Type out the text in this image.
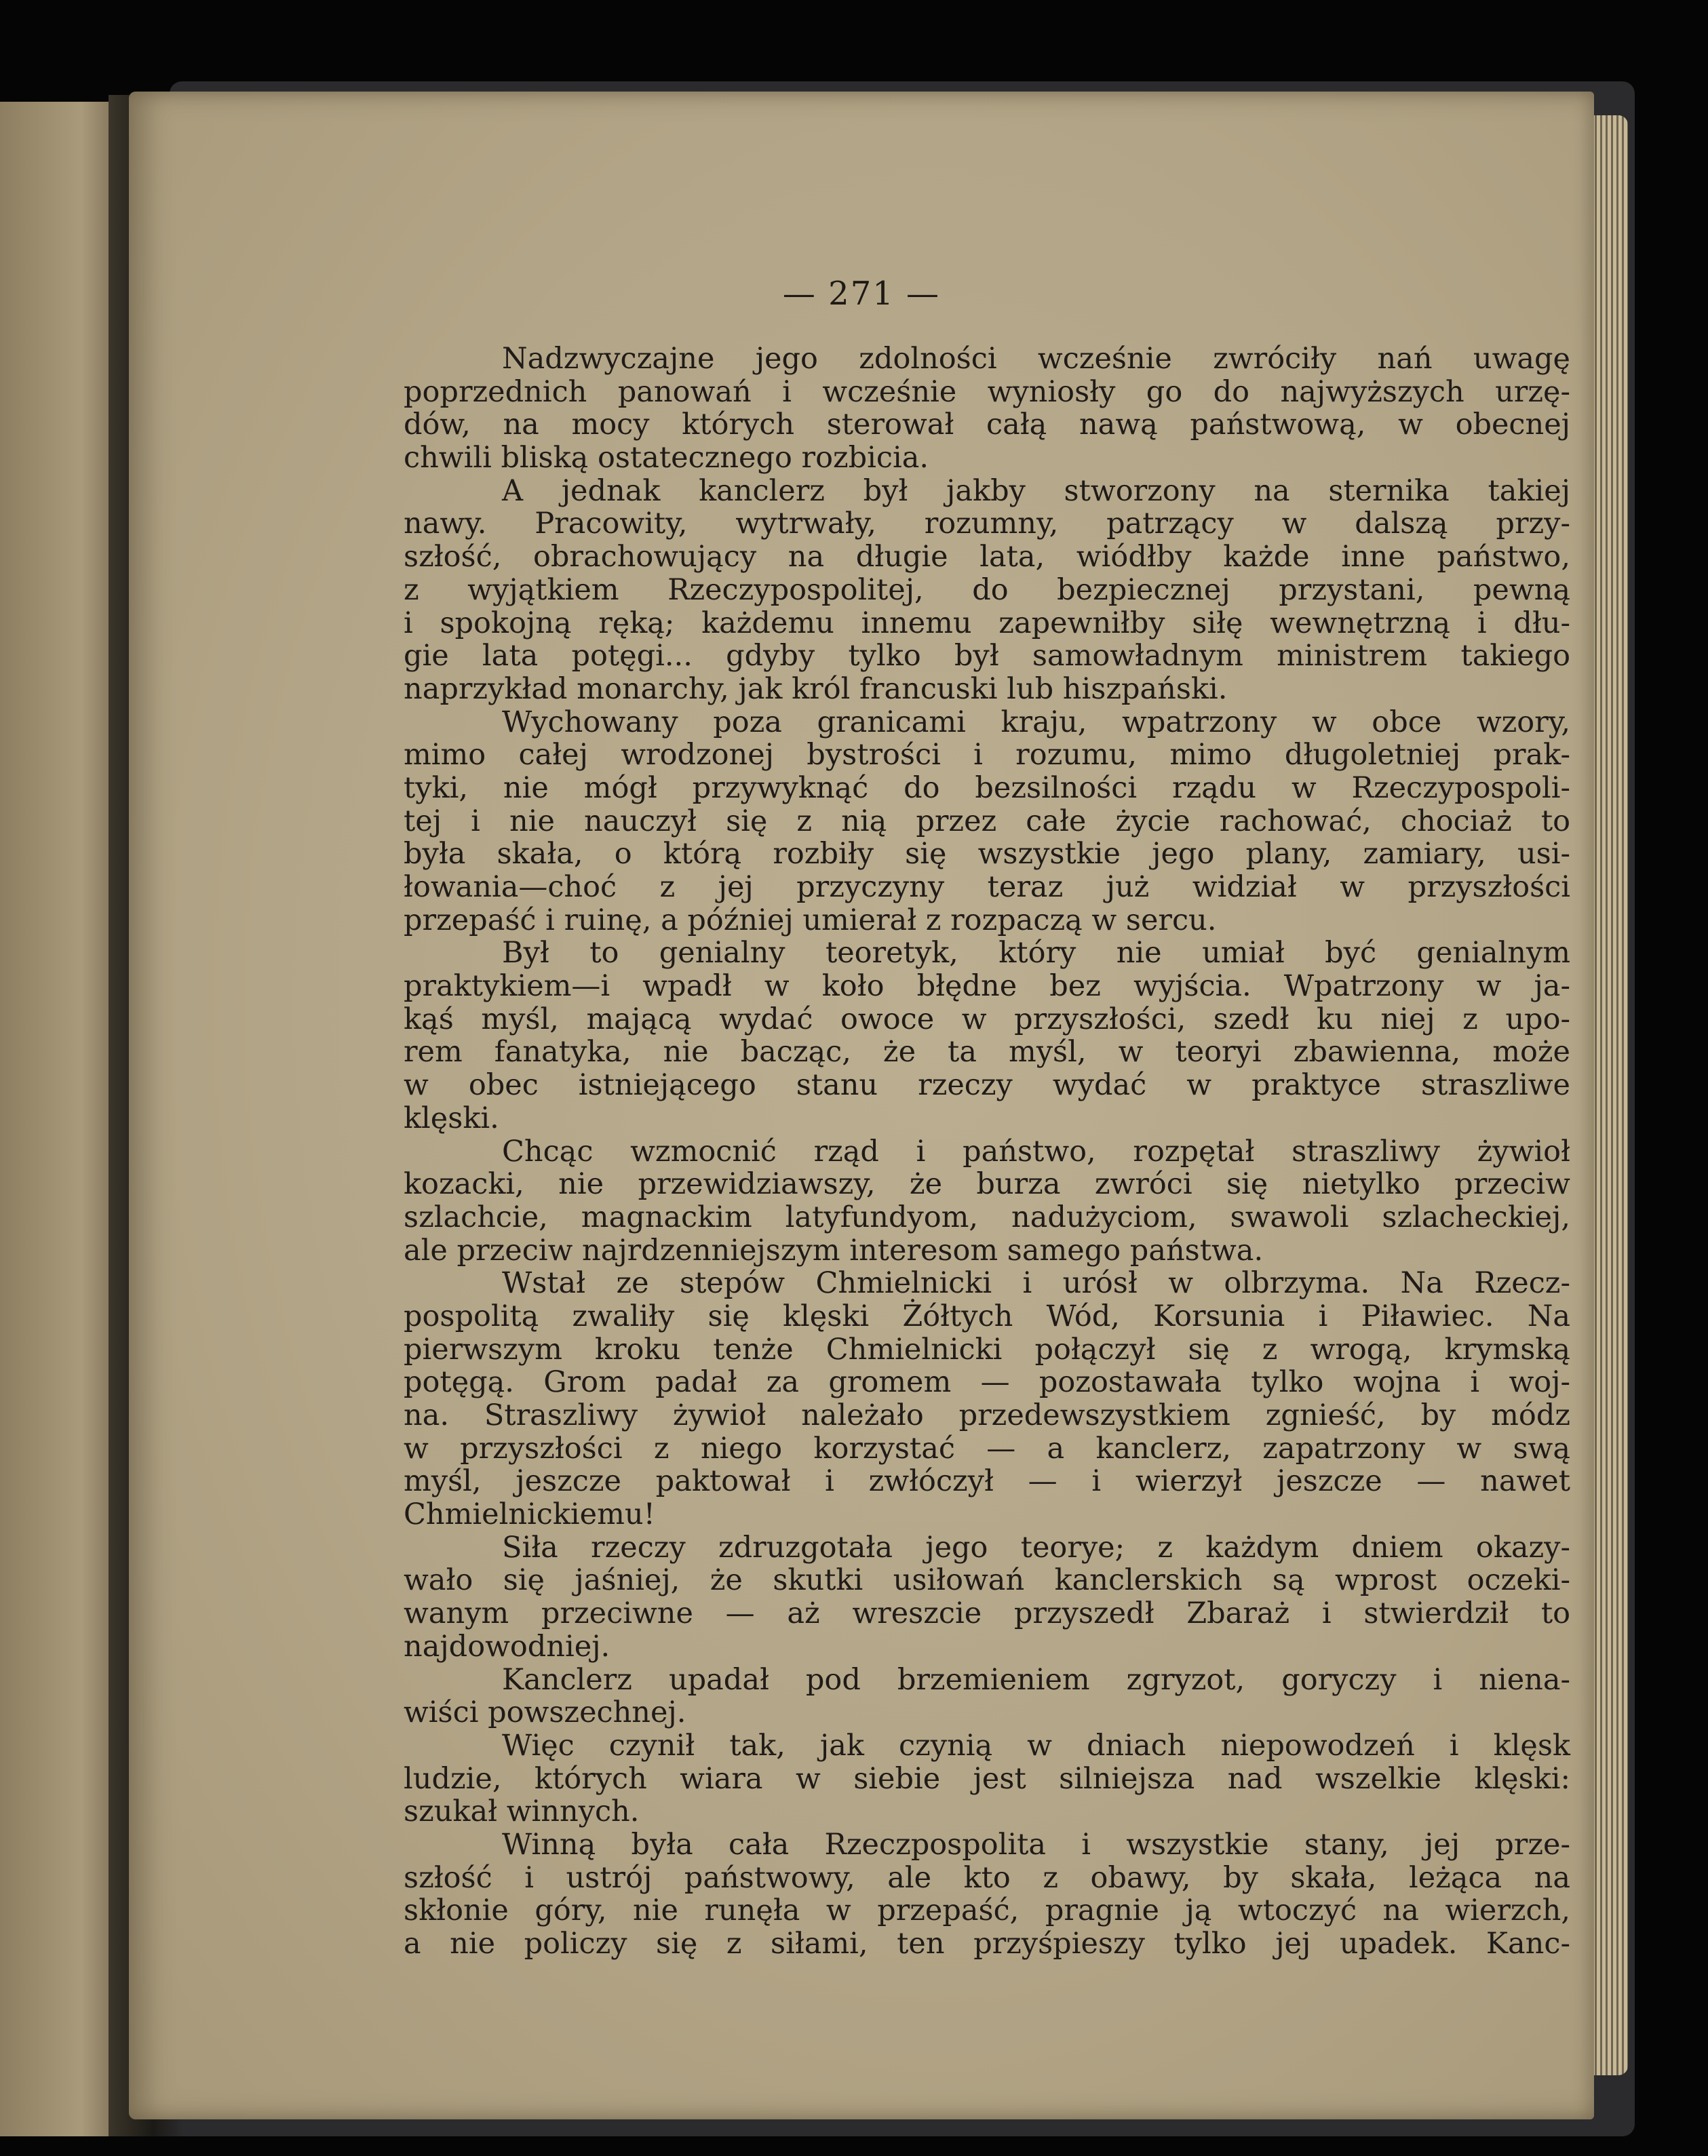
— 271 —
Nadzwyczajne jego zdolności wcześnie zwróciły nań uwagę
poprzednich panowań i wcześnie wyniosły go do najwyższych urzę-
dów, na mocy których sterował całą nawą państwową, w obecnej
chwili bliską ostatecznego rozbicia.
A jednak kanclerz był jakby stworzony na sternika takiej
nawy. Pracowity, wytrwały, rozumny, patrzący w dalszą przy-
szłość, obrachowujący na długie lata, wiódłby każde inne państwo,
z wyjątkiem Rzeczypospolitej, do bezpiecznej przystani, pewną
i spokojną ręką; każdemu innemu zapewniłby siłę wewnętrzną i dłu-
gie lata potęgi... gdyby tylko był samowładnym ministrem takiego
naprzykład monarchy, jak król francuski lub hiszpański.
Wychowany poza granicami kraju, wpatrzony w obce wzory,
mimo całej wrodzonej bystrości i rozumu, mimo długoletniej prak-
tyki, nie mógł przywyknąć do bezsilności rządu w Rzeczypospoli-
tej i nie nauczył się z nią przez całe życie rachować, chociaż to
była skała, o którą rozbiły się wszystkie jego plany, zamiary, usi-
łowania—choć z jej przyczyny teraz już widział w przyszłości
przepaść i ruinę, a później umierał z rozpaczą w sercu.
Był to genialny teoretyk, który nie umiał być genialnym
praktykiem—i wpadł w koło błędne bez wyjścia. Wpatrzony w ja-
kąś myśl, mającą wydać owoce w przyszłości, szedł ku niej z upo-
rem fanatyka, nie bacząc, że ta myśl, w teoryi zbawienna, może
w obec istniejącego stanu rzeczy wydać w praktyce straszliwe
klęski.
Chcąc wzmocnić rząd i państwo, rozpętał straszliwy żywioł
kozacki, nie przewidziawszy, że burza zwróci się nietylko przeciw
szlachcie, magnackim latyfundyom, nadużyciom, swawoli szlacheckiej,
ale przeciw najrdzenniejszym interesom samego państwa.
Wstał ze stepów Chmielnicki i urósł w olbrzyma. Na Rzecz-
pospolitą zwaliły się klęski Żółtych Wód, Korsunia i Piławiec. Na
pierwszym kroku tenże Chmielnicki połączył się z wrogą, krymską
potęgą. Grom padał za gromem — pozostawała tylko wojna i woj-
na. Straszliwy żywioł należało przedewszystkiem zgnieść, by módz
w przyszłości z niego korzystać — a kanclerz, zapatrzony w swą
myśl, jeszcze paktował i zwłóczył — i wierzył jeszcze — nawet
Chmielnickiemu!
Siła rzeczy zdruzgotała jego teorye; z każdym dniem okazy-
wało się jaśniej, że skutki usiłowań kanclerskich są wprost oczeki-
wanym przeciwne — aż wreszcie przyszedł Zbaraż i stwierdził to
najdowodniej.
Kanclerz upadał pod brzemieniem zgryzot, goryczy i niena-
wiści powszechnej.
Więc czynił tak, jak czynią w dniach niepowodzeń i klęsk
ludzie, których wiara w siebie jest silniejsza nad wszelkie klęski:
szukał winnych.
Winną była cała Rzeczpospolita i wszystkie stany, jej prze-
szłość i ustrój państwowy, ale kto z obawy, by skała, leżąca na
skłonie góry, nie runęła w przepaść, pragnie ją wtoczyć na wierzch,
a nie policzy się z siłami, ten przyśpieszy tylko jej upadek. Kanc-
